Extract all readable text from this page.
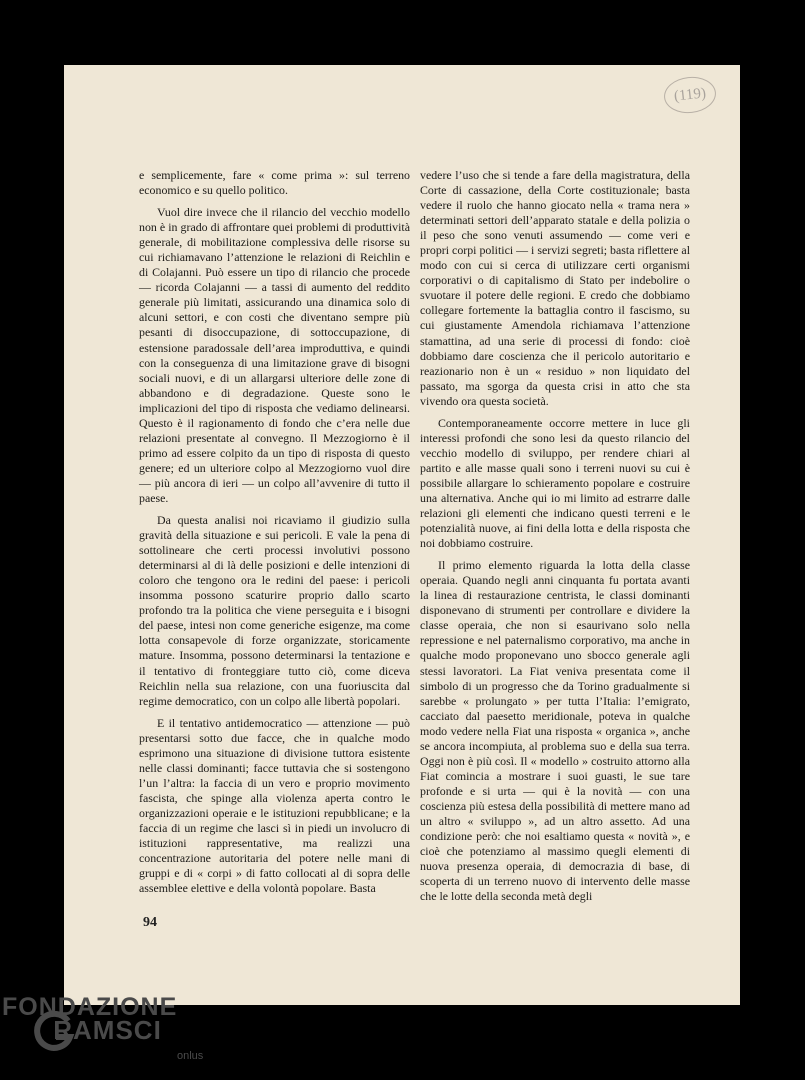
(119)

e semplicemente, fare « come prima »: sul terreno economico e su quello politico.

Vuol dire invece che il rilancio del vecchio modello non è in grado di affrontare quei problemi di produttività generale, di mobilitazione complessiva delle risorse su cui richiamavano l’attenzione le relazioni di Reichlin e di Colajanni. Può essere un tipo di rilancio che procede — ricorda Colajanni — a tassi di aumento del reddito generale più limitati, assicurando una dinamica solo di alcuni settori, e con costi che diventano sempre più pesanti di disoccupazione, di sottoccupazione, di estensione paradossale dell’area improduttiva, e quindi con la conseguenza di una limitazione grave di bisogni sociali nuovi, e di un allargarsi ulteriore delle zone di abbandono e di degradazione. Queste sono le implicazioni del tipo di risposta che vediamo delinearsi. Questo è il ragionamento di fondo che c’era nelle due relazioni presentate al convegno. Il Mezzogiorno è il primo ad essere colpito da un tipo di risposta di questo genere; ed un ulteriore colpo al Mezzogiorno vuol dire — più ancora di ieri — un colpo all’avvenire di tutto il paese.

Da questa analisi noi ricaviamo il giudizio sulla gravità della situazione e sui pericoli. E vale la pena di sottolineare che certi processi involutivi possono determinarsi al di là delle posizioni e delle intenzioni di coloro che tengono ora le redini del paese: i pericoli insomma possono scaturire proprio dallo scarto profondo tra la politica che viene perseguita e i bisogni del paese, intesi non come generiche esigenze, ma come lotta consapevole di forze organizzate, storicamente mature. Insomma, possono determinarsi la tentazione e il tentativo di fronteggiare tutto ciò, come diceva Reichlin nella sua relazione, con una fuoriuscita dal regime democratico, con un colpo alle libertà popolari.

E il tentativo antidemocratico — attenzione — può presentarsi sotto due facce, che in qualche modo esprimono una situazione di divisione tuttora esistente nelle classi dominanti; facce tuttavia che si sostengono l’un l’altra: la faccia di un vero e proprio movimento fascista, che spinge alla violenza aperta contro le organizzazioni operaie e le istituzioni repubblicane; e la faccia di un regime che lasci sì in piedi un involucro di istituzioni rappresentative, ma realizzi una concentrazione autoritaria del potere nelle mani di gruppi e di « corpi » di fatto collocati al di sopra delle assemblee elettive e della volontà popolare. Basta

vedere l’uso che si tende a fare della magistratura, della Corte di cassazione, della Corte costituzionale; basta vedere il ruolo che hanno giocato nella « trama nera » determinati settori dell’apparato statale e della polizia o il peso che sono venuti assumendo — come veri e propri corpi politici — i servizi segreti; basta riflettere al modo con cui si cerca di utilizzare certi organismi corporativi o di capitalismo di Stato per indebolire o svuotare il potere delle regioni. E credo che dobbiamo collegare fortemente la battaglia contro il fascismo, su cui giustamente Amendola richiamava l’attenzione stamattina, ad una serie di processi di fondo: cioè dobbiamo dare coscienza che il pericolo autoritario e reazionario non è un « residuo » non liquidato del passato, ma sgorga da questa crisi in atto che sta vivendo ora questa società.

Contemporaneamente occorre mettere in luce gli interessi profondi che sono lesi da questo rilancio del vecchio modello di sviluppo, per rendere chiari al partito e alle masse quali sono i terreni nuovi su cui è possibile allargare lo schieramento popolare e costruire una alternativa. Anche qui io mi limito ad estrarre dalle relazioni gli elementi che indicano questi terreni e le potenzialità nuove, ai fini della lotta e della risposta che noi dobbiamo costruire.

Il primo elemento riguarda la lotta della classe operaia. Quando negli anni cinquanta fu portata avanti la linea di restaurazione centrista, le classi dominanti disponevano di strumenti per controllare e dividere la classe operaia, che non si esaurivano solo nella repressione e nel paternalismo corporativo, ma anche in qualche modo proponevano uno sbocco generale agli stessi lavoratori. La Fiat veniva presentata come il simbolo di un progresso che da Torino gradualmente si sarebbe « prolungato » per tutta l’Italia: l’emigrato, cacciato dal paesetto meridionale, poteva in qualche modo vedere nella Fiat una risposta « organica », anche se ancora incompiuta, al problema suo e della sua terra. Oggi non è più così. Il « modello » costruito attorno alla Fiat comincia a mostrare i suoi guasti, le sue tare profonde e si urta — qui è la novità — con una coscienza più estesa della possibilità di mettere mano ad un altro « sviluppo », ad un altro assetto. Ad una condizione però: che noi esaltiamo questa « novità », e cioè che potenziamo al massimo quegli elementi di nuova presenza operaia, di democrazia di base, di scoperta di un terreno nuovo di intervento delle masse che le lotte della seconda metà degli

94
FONDAZIONE
RAMSCI
onlus
